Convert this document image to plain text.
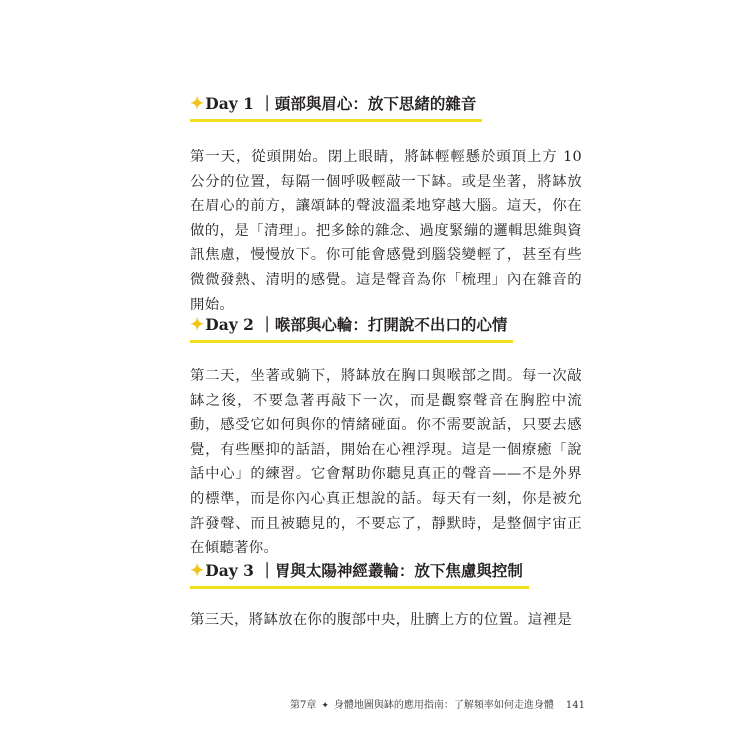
✦Day 1 ｜頭部與眉心：放下思緒的雜音
第一天，從頭開始。閉上眼睛，將缽輕輕懸於頭頂上方 10 公分的位置，每隔一個呼吸輕敲一下缽。或是坐著，將缽放在眉心的前方，讓頌缽的聲波溫柔地穿越大腦。這天，你在做的，是「清理」。把多餘的雜念、過度緊繃的邏輯思維與資訊焦慮，慢慢放下。你可能會感覺到腦袋變輕了，甚至有些微微發熱、清明的感覺。這是聲音為你「梳理」內在雜音的開始。
✦Day 2 ｜喉部與心輪：打開說不出口的心情
第二天，坐著或躺下，將缽放在胸口與喉部之間。每一次敲缽之後，不要急著再敲下一次，而是觀察聲音在胸腔中流動，感受它如何與你的情緒碰面。你不需要說話，只要去感覺，有些壓抑的話語，開始在心裡浮現。這是一個療癒「說話中心」的練習。它會幫助你聽見真正的聲音——不是外界的標準，而是你內心真正想說的話。每天有一刻，你是被允許發聲、而且被聽見的，不要忘了，靜默時，是整個宇宙正在傾聽著你。
✦Day 3 ｜胃與太陽神經叢輪：放下焦慮與控制
第三天，將缽放在你的腹部中央，肚臍上方的位置。這裡是
第7章 ✦ 身體地圖與缽的應用指南：了解頻率如何走進身體 141
